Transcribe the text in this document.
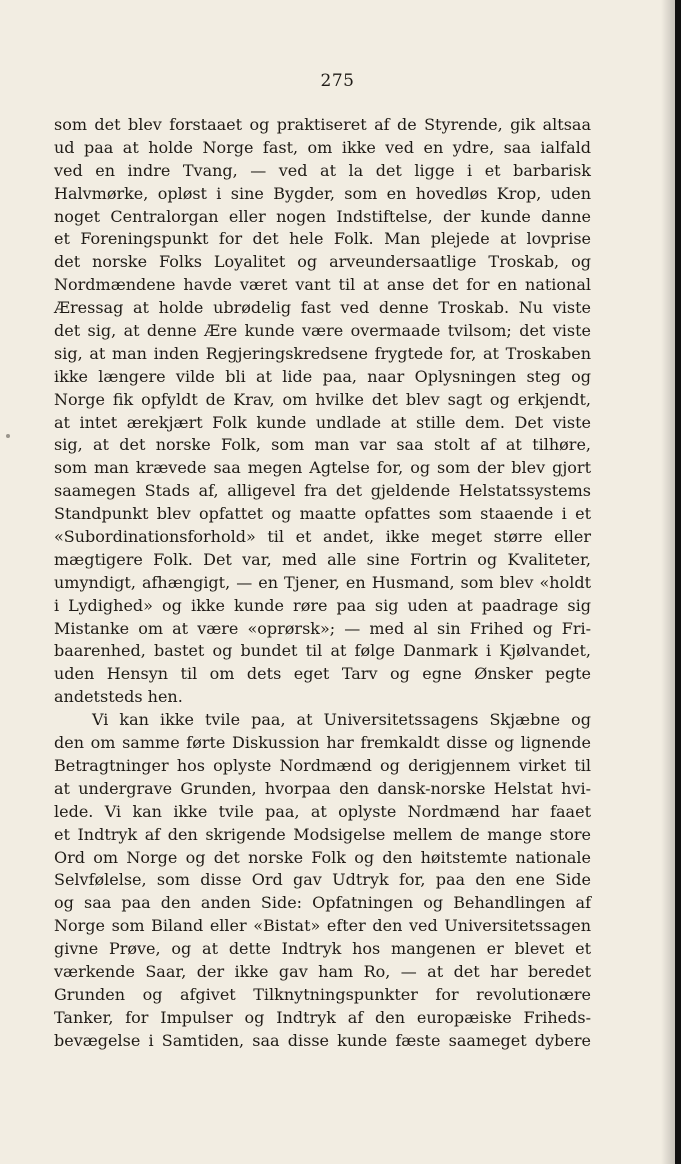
275
som det blev forstaaet og praktiseret af de Styrende, gik altsaa
ud paa at holde Norge fast, om ikke ved en ydre, saa ialfald
ved en indre Tvang, — ved at la det ligge i et barbarisk
Halvmørke, opløst i sine Bygder, som en hovedløs Krop, uden
noget Centralorgan eller nogen Indstiftelse, der kunde danne
et Foreningspunkt for det hele Folk. Man plejede at lovprise
det norske Folks Loyalitet og arveundersaatlige Troskab, og
Nordmændene havde været vant til at anse det for en national
Æressag at holde ubrødelig fast ved denne Troskab. Nu viste
det sig, at denne Ære kunde være overmaade tvilsom; det viste
sig, at man inden Regjeringskredsene frygtede for, at Troskaben
ikke længere vilde bli at lide paa, naar Oplysningen steg og
Norge fik opfyldt de Krav, om hvilke det blev sagt og erkjendt,
at intet ærekjært Folk kunde undlade at stille dem. Det viste
sig, at det norske Folk, som man var saa stolt af at tilhøre,
som man krævede saa megen Agtelse for, og som der blev gjort
saamegen Stads af, alligevel fra det gjeldende Helstatssystems
Standpunkt blev opfattet og maatte opfattes som staaende i et
«Subordinationsforhold» til et andet, ikke meget større eller
mægtigere Folk. Det var, med alle sine Fortrin og Kvaliteter,
umyndigt, afhængigt, — en Tjener, en Husmand, som blev «holdt
i Lydighed» og ikke kunde røre paa sig uden at paadrage sig
Mistanke om at være «oprørsk»; — med al sin Frihed og Fri-
baarenhed, bastet og bundet til at følge Danmark i Kjølvandet,
uden Hensyn til om dets eget Tarv og egne Ønsker pegte
andetsteds hen.
Vi kan ikke tvile paa, at Universitetssagens Skjæbne og
den om samme førte Diskussion har fremkaldt disse og lignende
Betragtninger hos oplyste Nordmænd og derigjennem virket til
at undergrave Grunden, hvorpaa den dansk-norske Helstat hvi-
lede. Vi kan ikke tvile paa, at oplyste Nordmænd har faaet
et Indtryk af den skrigende Modsigelse mellem de mange store
Ord om Norge og det norske Folk og den høitstemte nationale
Selvfølelse, som disse Ord gav Udtryk for, paa den ene Side
og saa paa den anden Side: Opfatningen og Behandlingen af
Norge som Biland eller «Bistat» efter den ved Universitetssagen
givne Prøve, og at dette Indtryk hos mangenen er blevet et
værkende Saar, der ikke gav ham Ro, — at det har beredet
Grunden og afgivet Tilknytningspunkter for revolutionære
Tanker, for Impulser og Indtryk af den europæiske Friheds-
bevægelse i Samtiden, saa disse kunde fæste saameget dybere
